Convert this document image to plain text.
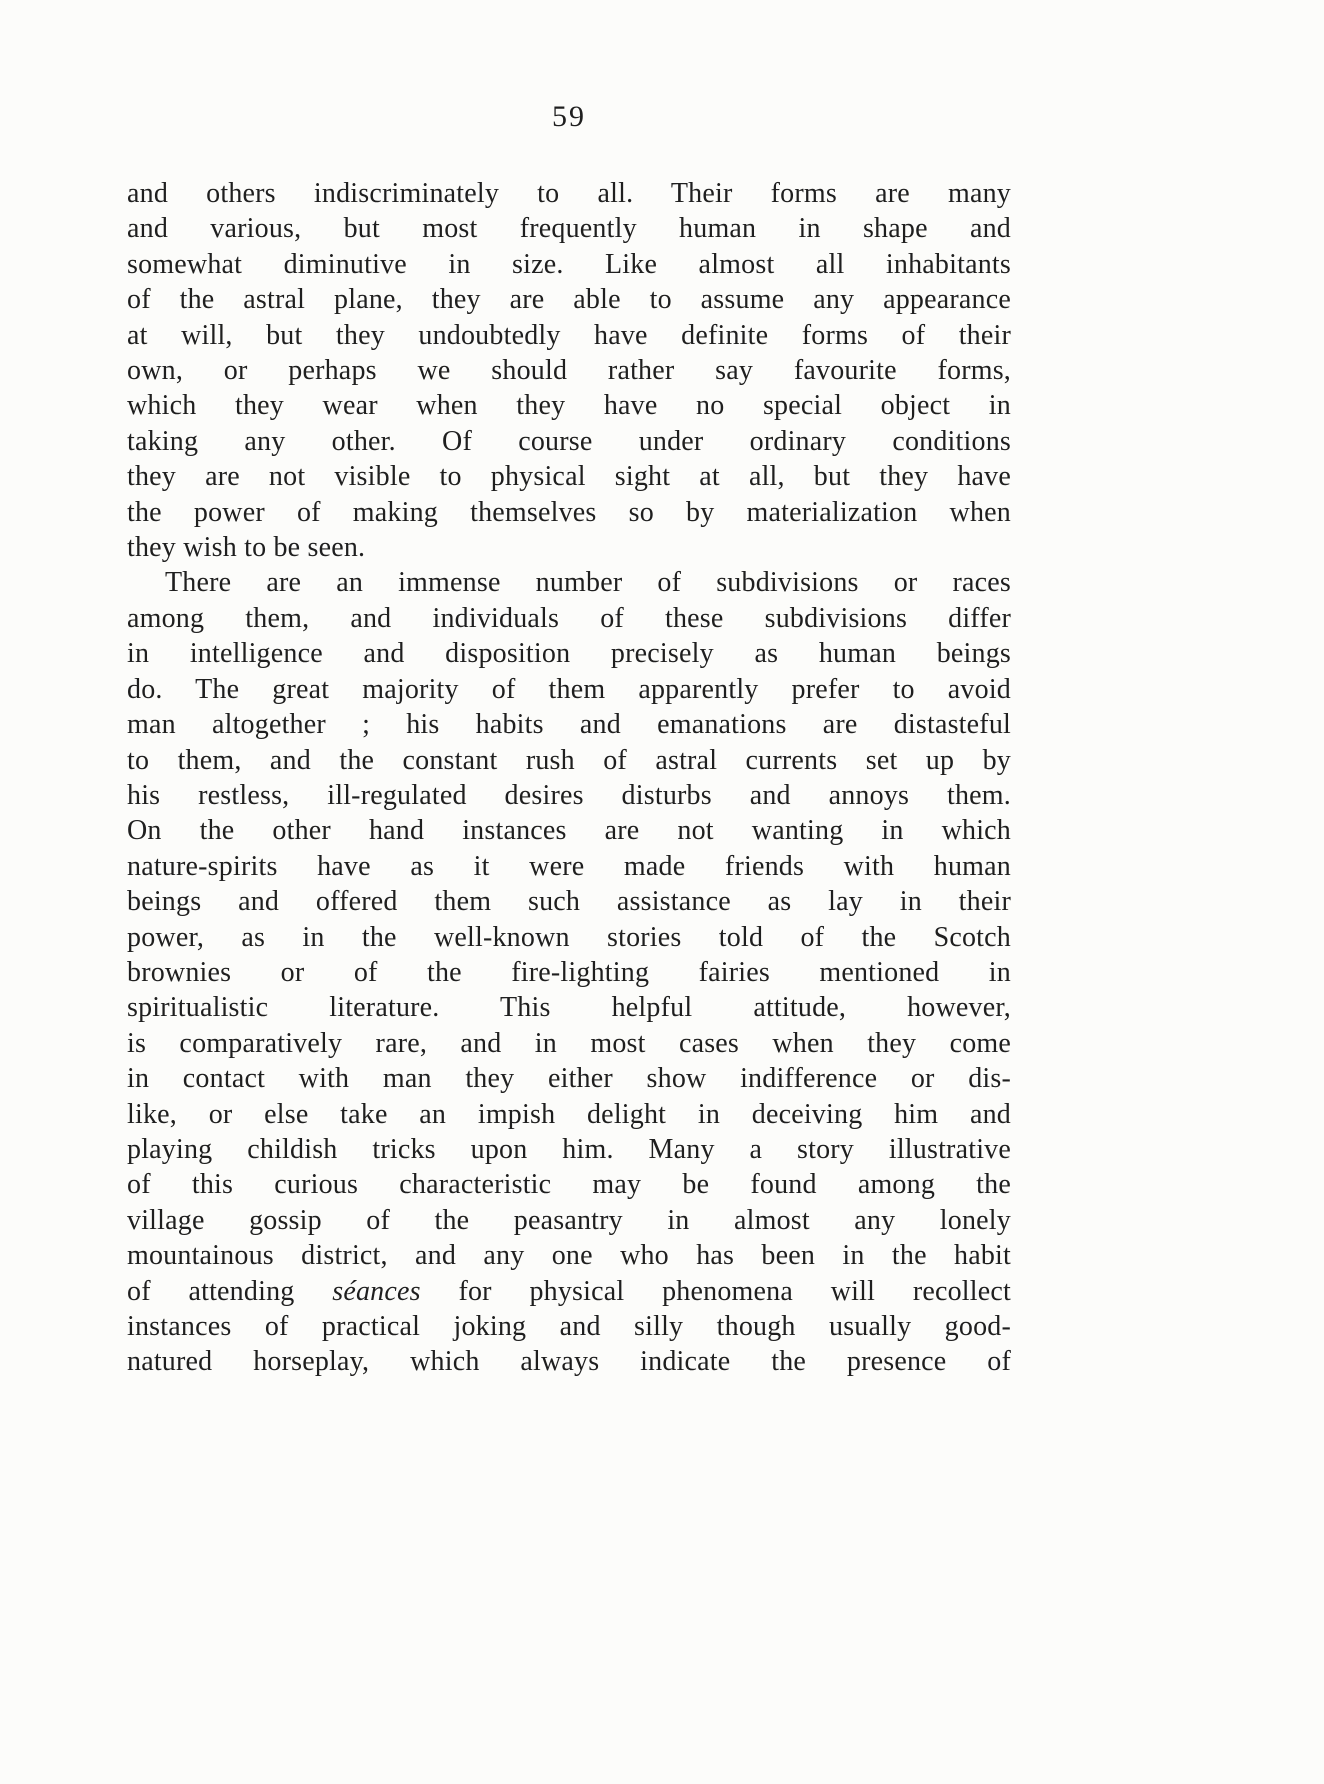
59
and others indiscriminately to all. Their forms are many
and various, but most frequently human in shape and
somewhat diminutive in size. Like almost all inhabitants
of the astral plane, they are able to assume any appearance
at will, but they undoubtedly have definite forms of their
own, or perhaps we should rather say favourite forms,
which they wear when they have no special object in
taking any other. Of course under ordinary conditions
they are not visible to physical sight at all, but they have
the power of making themselves so by materialization when
they wish to be seen.
There are an immense number of subdivisions or races
among them, and individuals of these subdivisions differ
in intelligence and disposition precisely as human beings
do. The great majority of them apparently prefer to avoid
man altogether ; his habits and emanations are distasteful
to them, and the constant rush of astral currents set up by
his restless, ill-regulated desires disturbs and annoys them.
On the other hand instances are not wanting in which
nature-spirits have as it were made friends with human
beings and offered them such assistance as lay in their
power, as in the well-known stories told of the Scotch
brownies or of the fire-lighting fairies mentioned in
spiritualistic literature. This helpful attitude, however,
is comparatively rare, and in most cases when they come
in contact with man they either show indifference or dis-
like, or else take an impish delight in deceiving him and
playing childish tricks upon him. Many a story illustrative
of this curious characteristic may be found among the
village gossip of the peasantry in almost any lonely
mountainous district, and any one who has been in the habit
of attending séances for physical phenomena will recollect
instances of practical joking and silly though usually good-
natured horseplay, which always indicate the presence of
